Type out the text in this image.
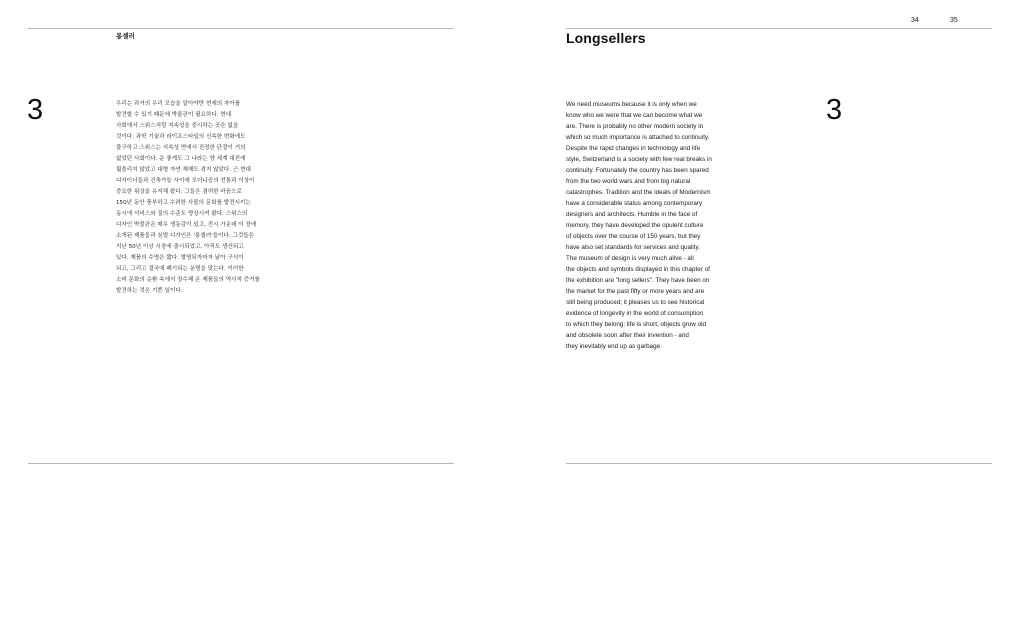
34	35
롱셀러	Longsellers
3	3
우리는 과거의 우리 모습을 알아야만 현재의 자아를
발견할 수 있기 때문에 박물관이 필요하다. 현대
사회에서 스위스처럼 지속성을 중시하는 곳은 없을
것이다. 과학 기술과 라이프스타일의 신속한 변화에도
불구하고 스위스는 지속성 면에서 진정한 단절이 거의
없었던 사회이다. 운 좋게도 그 나라는 양 세계 대전에
휩쓸리지 않았고 대형 자연 재해도 겪지 않았다. 근·현대
디자이너들과 건축가들 사이에 모더니즘의 전통과 이상이
중요한 위상을 유지해 왔다. 그들은 겸허한 마음으로
150년 동안 풍부하고 수려한 사물의 문화를 발전시키는
동시에 서비스와 질의 수준도 향상시켜 왔다. 스위스의
디자인 박물관은 매우 생동감이 있고, 전시 가운데 이 장에
소개된 제품들과 심벌 디자인은 '롱셀러'들이다. 그것들은
지난 50년 이상 시장에 출시되었고, 아직도 생산되고
있다. 제품의 수명은 짧다. 발명되자마자 낡아 구식이
되고, 그리고 결국에 폐기되는 운명을 맞는다. 이러한
소비 문화의 순환 속에서 장수해 온 제품들의 역사적 증거를
발견하는 것은 기쁜 일이다.
We need museums because it is only when we
know who we were that we can become what we
are. There is probably no other modern society in
which so much importance is attached to continuity.
Despite the rapid changes in technology and life
style, Switzerland is a society with few real breaks in
continuity. Fortunately the country has been spared
from the two world wars and from big natural
catastrophes. Tradition and the ideals of Modernism
have a considerable status among contemporary
designers and architects. Humble in the face of
memory, they have developed the opulent culture
of objects over the course of 150 years, but they
have also set standards for services and quality.
The museum of design is very much alive - all
the objects and symbols displayed in this chapter of
the exhibition are "long sellers". They have been on
the market for the past fifty or more years and are
still being produced; it pleases us to see historical
evidence of longevity in the world of consumption
to which they belong: life is short, objects grow old
and obsolete soon after their invention - and
they inevitably end up as garbage.
